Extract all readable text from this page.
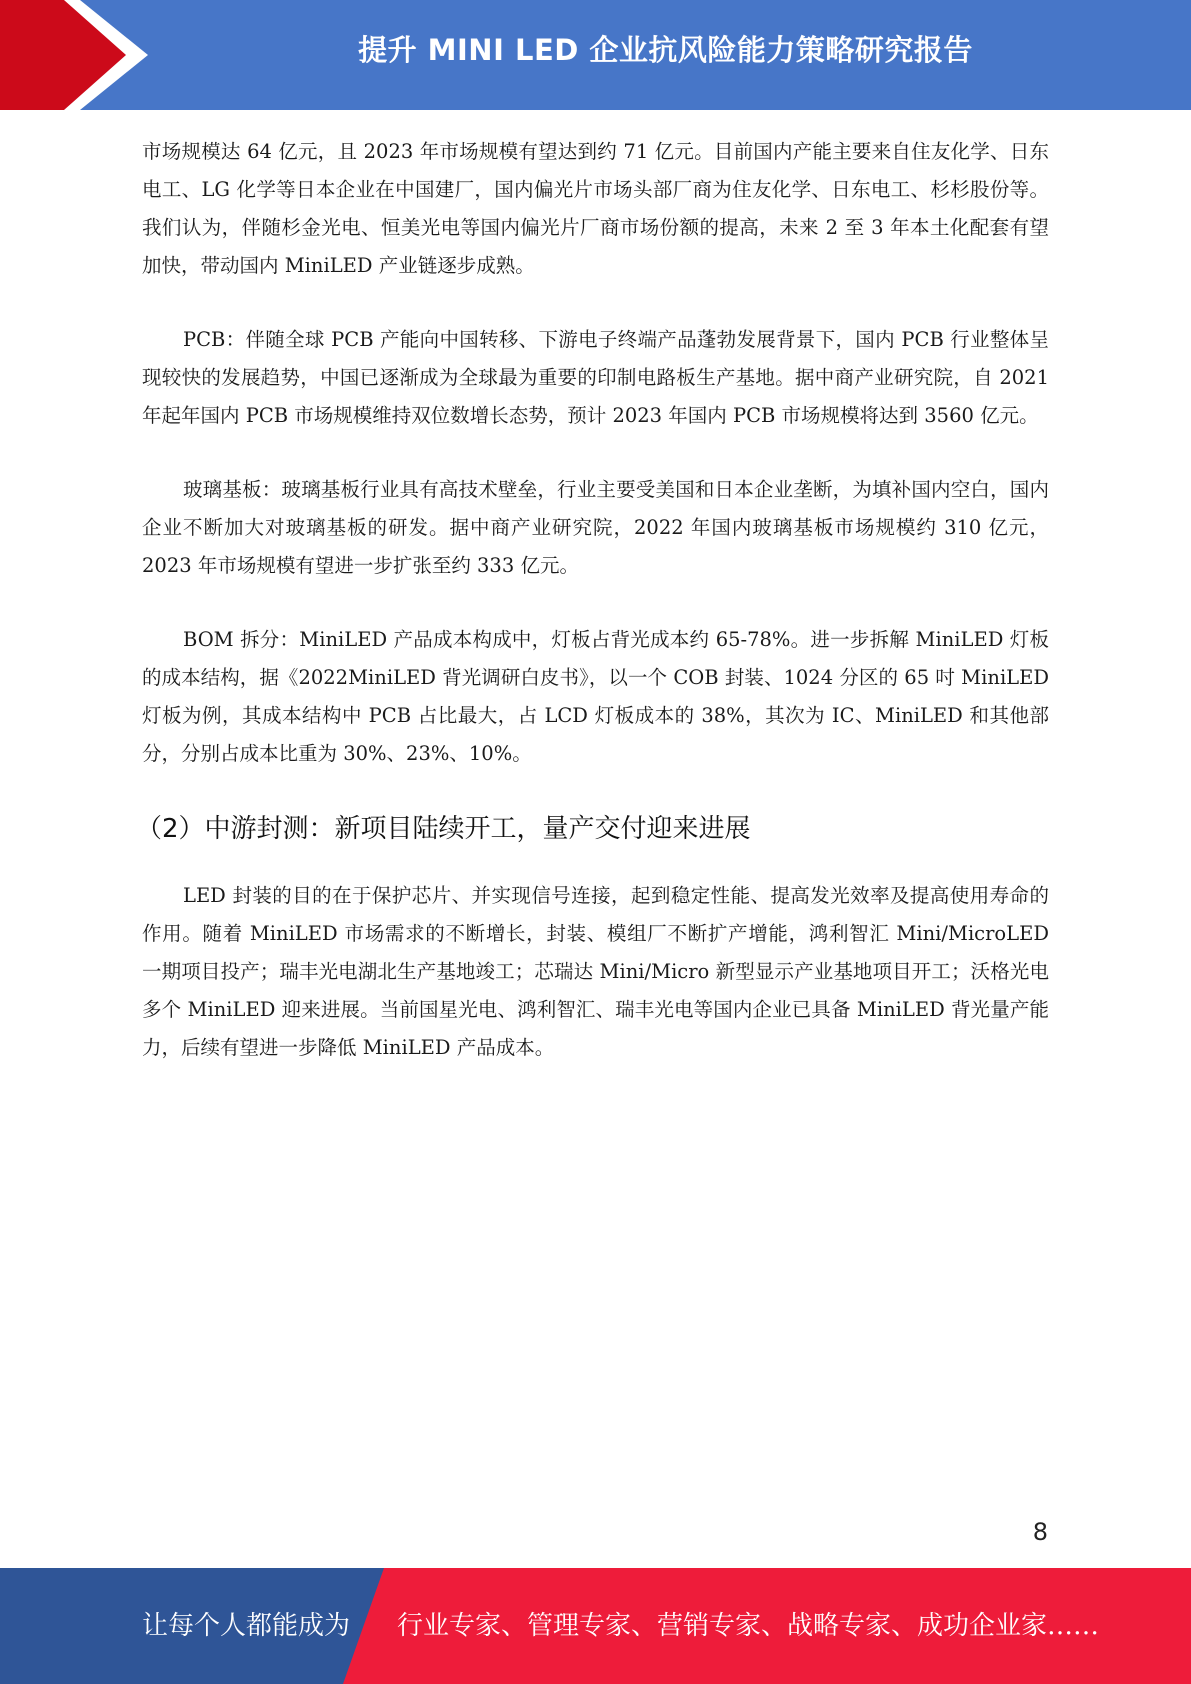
提升 MINI LED 企业抗风险能力策略研究报告

市场规模达 64 亿元，且 2023 年市场规模有望达到约 71 亿元。目前国内产能主要来自住友化学、日东电工、LG 化学等日本企业在中国建厂，国内偏光片市场头部厂商为住友化学、日东电工、杉杉股份等。我们认为，伴随杉金光电、恒美光电等国内偏光片厂商市场份额的提高，未来 2 至 3 年本土化配套有望加快，带动国内 MiniLED 产业链逐步成熟。

PCB：伴随全球 PCB 产能向中国转移、下游电子终端产品蓬勃发展背景下，国内 PCB 行业整体呈现较快的发展趋势，中国已逐渐成为全球最为重要的印制电路板生产基地。据中商产业研究院，自 2021 年起年国内 PCB 市场规模维持双位数增长态势，预计 2023 年国内 PCB 市场规模将达到 3560 亿元。

玻璃基板：玻璃基板行业具有高技术壁垒，行业主要受美国和日本企业垄断，为填补国内空白，国内企业不断加大对玻璃基板的研发。据中商产业研究院，2022 年国内玻璃基板市场规模约 310 亿元，2023 年市场规模有望进一步扩张至约 333 亿元。

BOM 拆分：MiniLED 产品成本构成中，灯板占背光成本约 65-78%。进一步拆解 MiniLED 灯板的成本结构，据《2022MiniLED 背光调研白皮书》，以一个 COB 封装、1024 分区的 65 吋 MiniLED 灯板为例，其成本结构中 PCB 占比最大，占 LCD 灯板成本的 38%，其次为 IC、MiniLED 和其他部分，分别占成本比重为 30%、23%、10%。

（2）中游封测：新项目陆续开工，量产交付迎来进展

LED 封装的目的在于保护芯片、并实现信号连接，起到稳定性能、提高发光效率及提高使用寿命的作用。随着 MiniLED 市场需求的不断增长，封装、模组厂不断扩产增能，鸿利智汇 Mini/MicroLED 一期项目投产；瑞丰光电湖北生产基地竣工；芯瑞达 Mini/Micro 新型显示产业基地项目开工；沃格光电多个 MiniLED 迎来进展。当前国星光电、鸿利智汇、瑞丰光电等国内企业已具备 MiniLED 背光量产能力，后续有望进一步降低 MiniLED 产品成本。

8
让每个人都能成为 行业专家、管理专家、营销专家、战略专家、成功企业家……
